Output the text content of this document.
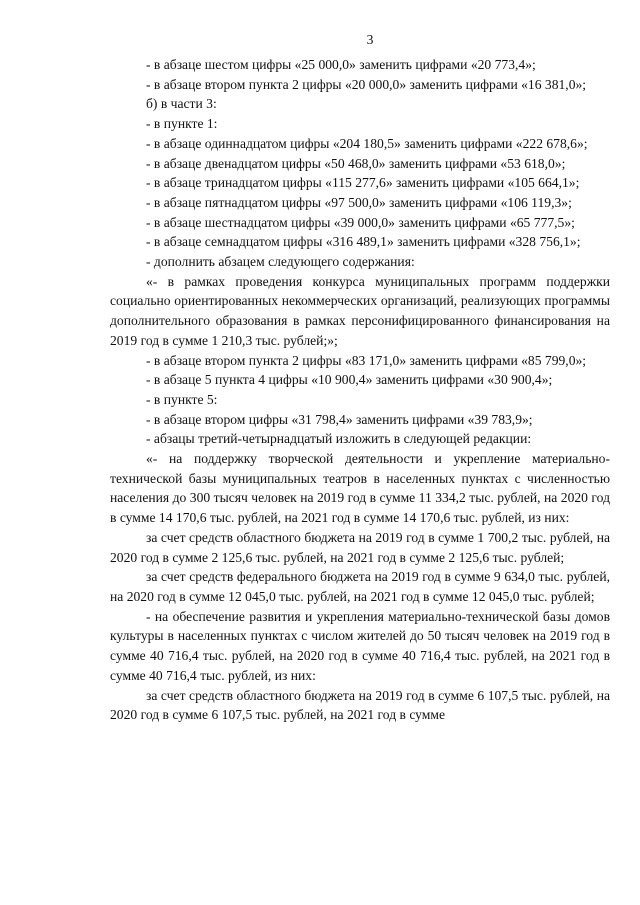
3

- в абзаце шестом цифры «25 000,0» заменить цифрами «20 773,4»;

- в абзаце втором пункта 2 цифры «20 000,0» заменить цифрами «16 381,0»;

б) в части 3:

- в пункте 1:

- в абзаце одиннадцатом цифры «204 180,5» заменить цифрами «222 678,6»;

- в абзаце двенадцатом цифры «50 468,0» заменить цифрами «53 618,0»;

- в абзаце тринадцатом цифры «115 277,6» заменить цифрами «105 664,1»;

- в абзаце пятнадцатом цифры «97 500,0» заменить цифрами «106 119,3»;

- в абзаце шестнадцатом цифры «39 000,0» заменить цифрами «65 777,5»;

- в абзаце семнадцатом цифры «316 489,1» заменить цифрами «328 756,1»;

- дополнить абзацем следующего содержания:

«- в рамках проведения конкурса муниципальных программ поддержки социально ориентированных некоммерческих организаций, реализующих программы дополнительного образования в рамках персонифицированного финансирования на 2019 год в сумме 1 210,3 тыс. рублей;»;

- в абзаце втором пункта 2 цифры «83 171,0» заменить цифрами «85 799,0»;

- в абзаце 5 пункта 4 цифры «10 900,4» заменить цифрами «30 900,4»;

- в пункте 5:

- в абзаце втором цифры «31 798,4» заменить цифрами «39 783,9»;

- абзацы третий-четырнадцатый изложить в следующей редакции:

«- на поддержку творческой деятельности и укрепление материально-технической базы муниципальных театров в населенных пунктах с численностью населения до 300 тысяч человек на 2019 год в сумме 11 334,2 тыс. рублей, на 2020 год в сумме 14 170,6 тыс. рублей, на 2021 год в сумме 14 170,6 тыс. рублей, из них:

за счет средств областного бюджета на 2019 год в сумме 1 700,2 тыс. рублей, на 2020 год в сумме 2 125,6 тыс. рублей, на 2021 год в сумме 2 125,6 тыс. рублей;

за счет средств федерального бюджета на 2019 год в сумме 9 634,0 тыс. рублей, на 2020 год в сумме 12 045,0 тыс. рублей, на 2021 год в сумме 12 045,0 тыс. рублей;

- на обеспечение развития и укрепления материально-технической базы домов культуры в населенных пунктах с числом жителей до 50 тысяч человек на 2019 год в сумме 40 716,4 тыс. рублей, на 2020 год в сумме 40 716,4 тыс. рублей, на 2021 год в сумме 40 716,4 тыс. рублей, из них:

за счет средств областного бюджета на 2019 год в сумме 6 107,5 тыс. рублей, на 2020 год в сумме 6 107,5 тыс. рублей, на 2021 год в сумме
